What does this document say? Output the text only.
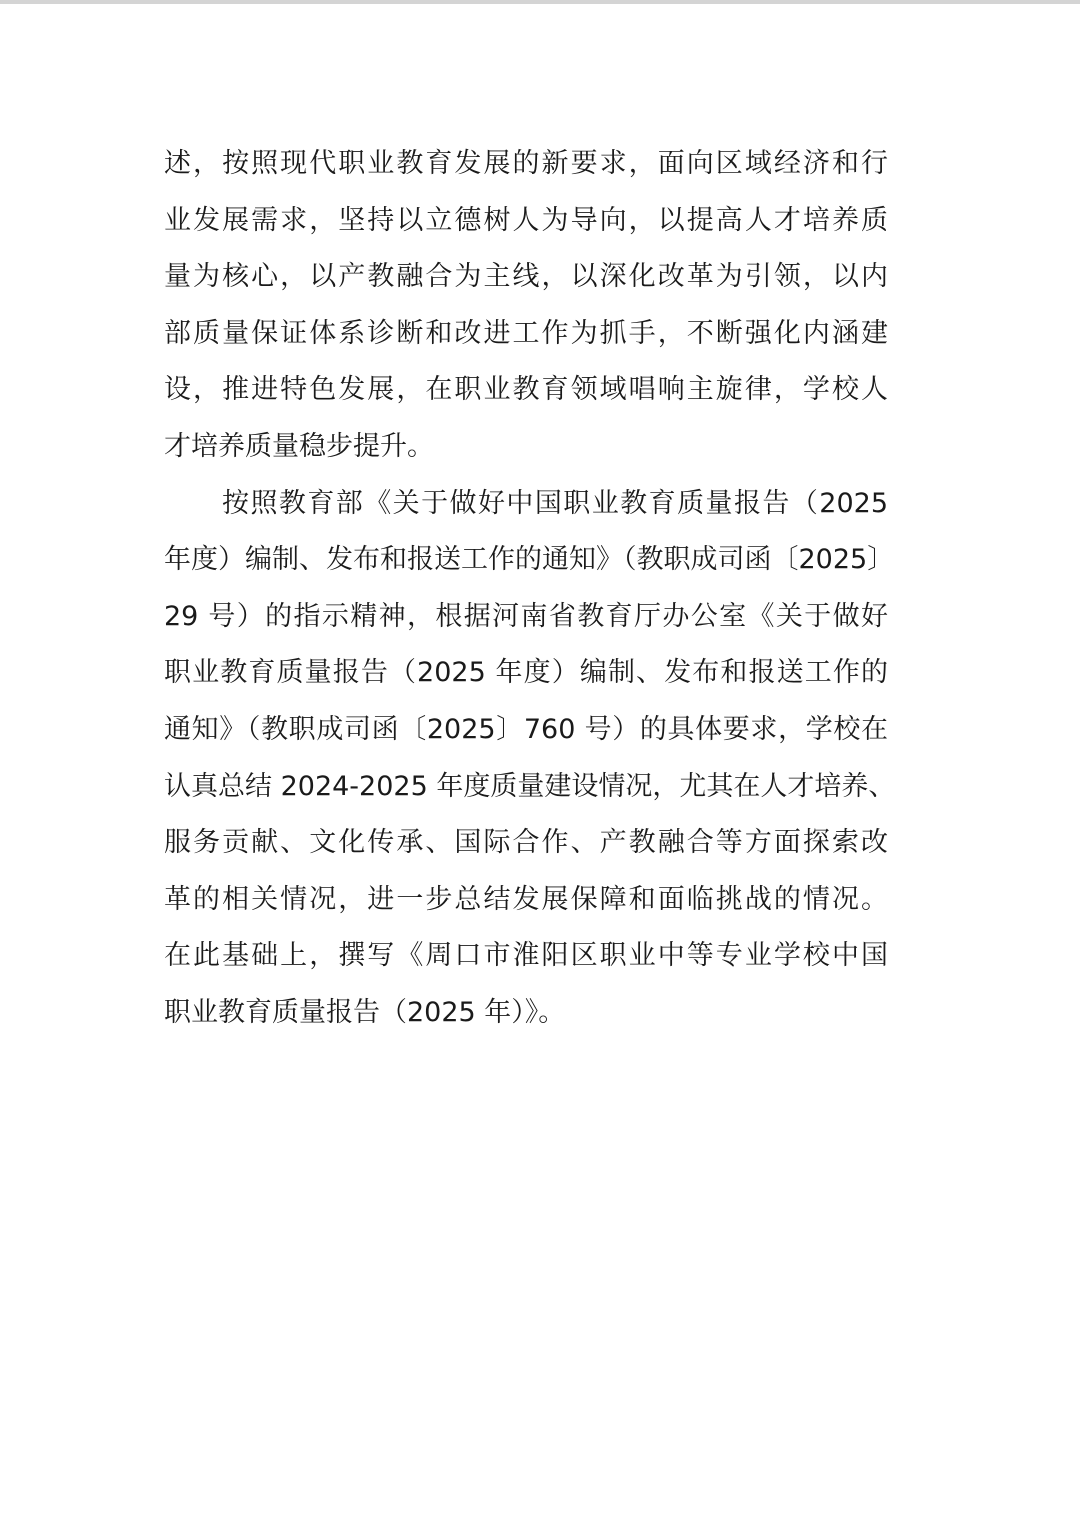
述，按照现代职业教育发展的新要求，面向区域经济和行
业发展需求，坚持以立德树人为导向，以提高人才培养质
量为核心，以产教融合为主线，以深化改革为引领，以内
部质量保证体系诊断和改进工作为抓手，不断强化内涵建
设，推进特色发展，在职业教育领域唱响主旋律，学校人
才培养质量稳步提升。
按照教育部《关于做好中国职业教育质量报告（2025
年度）编制、发布和报送工作的通知》（教职成司函〔2025〕
29 号）的指示精神，根据河南省教育厅办公室《关于做好
职业教育质量报告（2025 年度）编制、发布和报送工作的
通知》（教职成司函〔2025〕760 号）的具体要求，学校在
认真总结 2024-2025 年度质量建设情况，尤其在人才培养、
服务贡献、文化传承、国际合作、产教融合等方面探索改
革的相关情况，进一步总结发展保障和面临挑战的情况。
在此基础上，撰写《周口市淮阳区职业中等专业学校中国
职业教育质量报告（2025 年）》。
